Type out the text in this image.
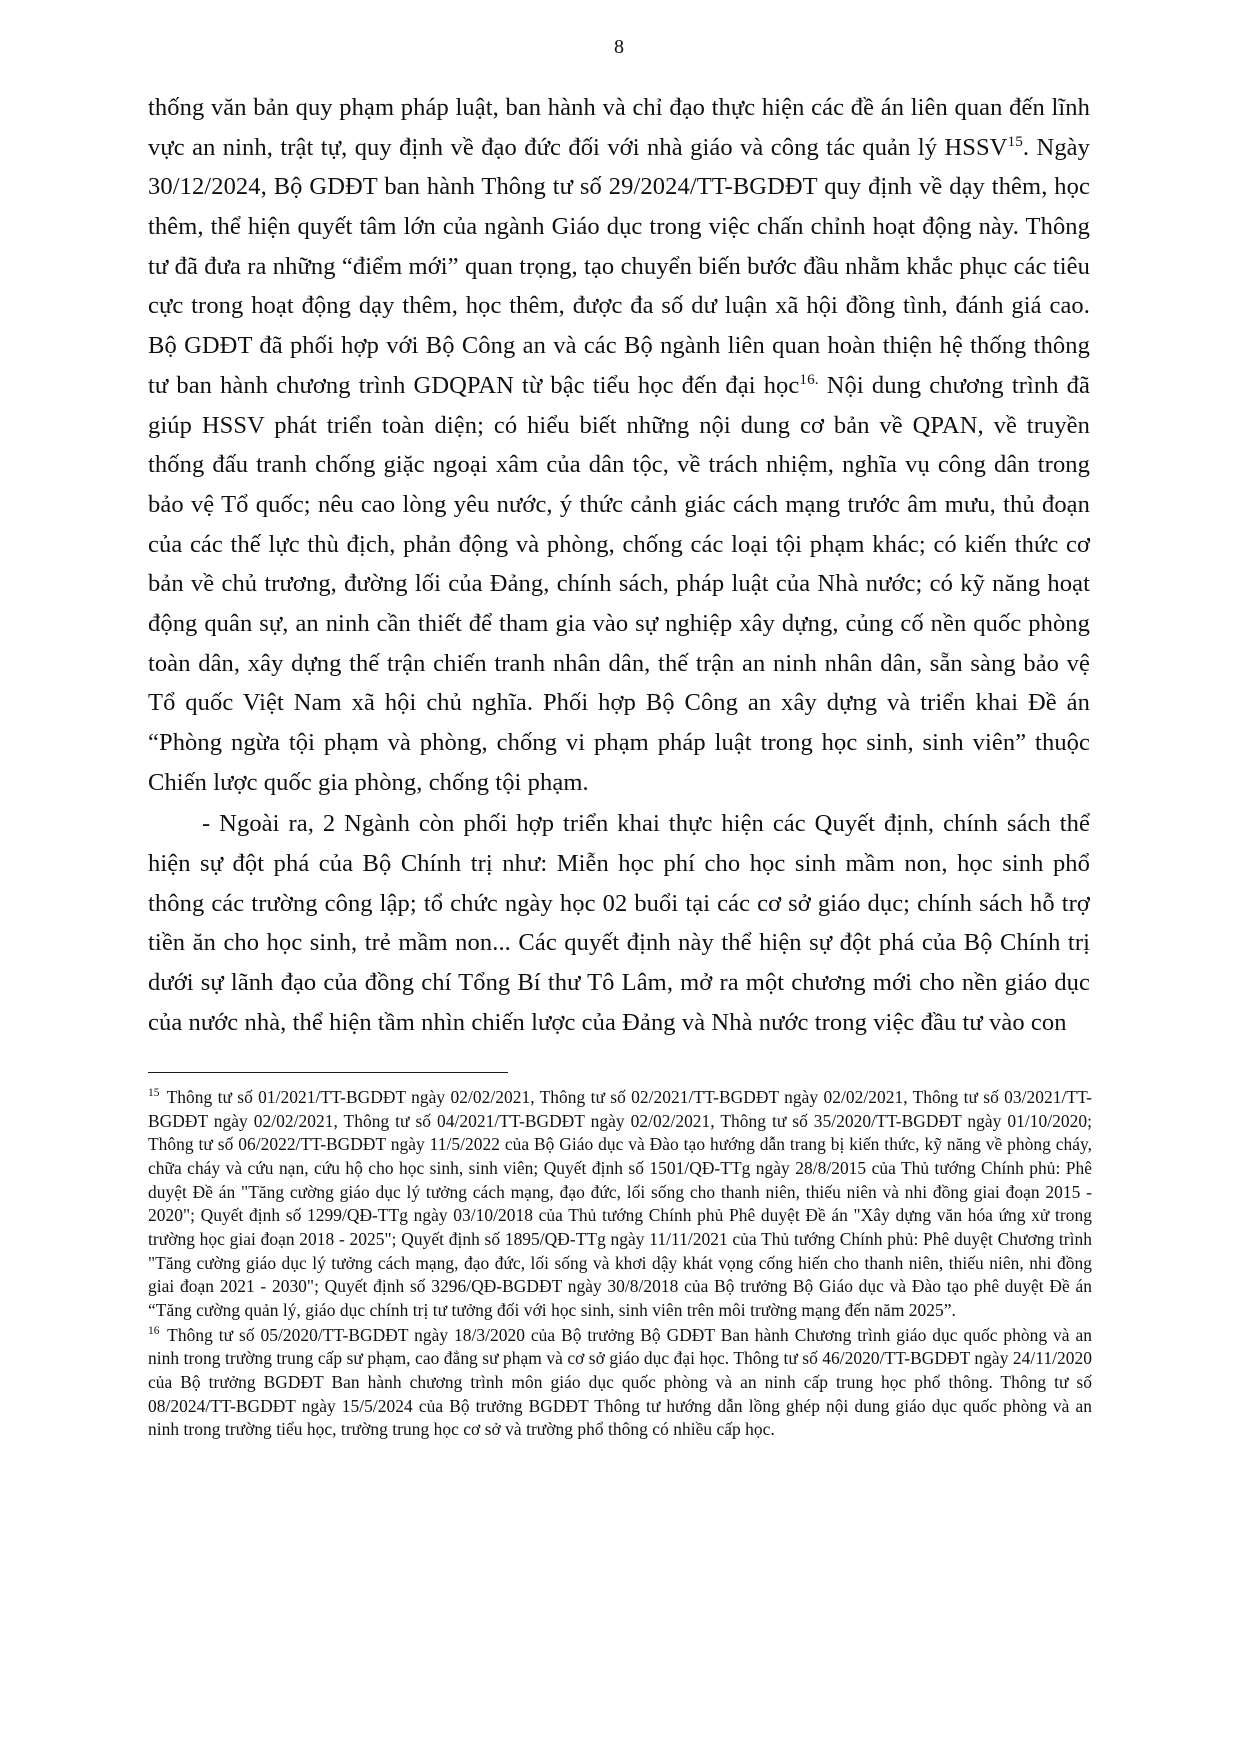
8

thống văn bản quy phạm pháp luật, ban hành và chỉ đạo thực hiện các đề án liên quan đến lĩnh vực an ninh, trật tự, quy định về đạo đức đối với nhà giáo và công tác quản lý HSSV$^{15}$. Ngày 30/12/2024, Bộ GDĐT ban hành Thông tư số 29/2024/TT-BGDĐT quy định về dạy thêm, học thêm, thể hiện quyết tâm lớn của ngành Giáo dục trong việc chấn chỉnh hoạt động này. Thông tư đã đưa ra những “điểm mới” quan trọng, tạo chuyển biến bước đầu nhằm khắc phục các tiêu cực trong hoạt động dạy thêm, học thêm, được đa số dư luận xã hội đồng tình, đánh giá cao. Bộ GDĐT đã phối hợp với Bộ Công an và các Bộ ngành liên quan hoàn thiện hệ thống thông tư ban hành chương trình GDQPAN từ bậc tiểu học đến đại học$^{16.}$ Nội dung chương trình đã giúp HSSV phát triển toàn diện; có hiểu biết những nội dung cơ bản về QPAN, về truyền thống đấu tranh chống giặc ngoại xâm của dân tộc, về trách nhiệm, nghĩa vụ công dân trong bảo vệ Tổ quốc; nêu cao lòng yêu nước, ý thức cảnh giác cách mạng trước âm mưu, thủ đoạn của các thế lực thù địch, phản động và phòng, chống các loại tội phạm khác; có kiến thức cơ bản về chủ trương, đường lối của Đảng, chính sách, pháp luật của Nhà nước; có kỹ năng hoạt động quân sự, an ninh cần thiết để tham gia vào sự nghiệp xây dựng, củng cố nền quốc phòng toàn dân, xây dựng thế trận chiến tranh nhân dân, thế trận an ninh nhân dân, sẵn sàng bảo vệ Tổ quốc Việt Nam xã hội chủ nghĩa. Phối hợp Bộ Công an xây dựng và triển khai Đề án “Phòng ngừa tội phạm và phòng, chống vi phạm pháp luật trong học sinh, sinh viên” thuộc Chiến lược quốc gia phòng, chống tội phạm.

- Ngoài ra, 2 Ngành còn phối hợp triển khai thực hiện các Quyết định, chính sách thể hiện sự đột phá của Bộ Chính trị như: Miễn học phí cho học sinh mầm non, học sinh phổ thông các trường công lập; tổ chức ngày học 02 buổi tại các cơ sở giáo dục; chính sách hỗ trợ tiền ăn cho học sinh, trẻ mầm non... Các quyết định này thể hiện sự đột phá của Bộ Chính trị dưới sự lãnh đạo của đồng chí Tổng Bí thư Tô Lâm, mở ra một chương mới cho nền giáo dục của nước nhà, thể hiện tầm nhìn chiến lược của Đảng và Nhà nước trong việc đầu tư vào con

$^{15}$ Thông tư số 01/2021/TT-BGDĐT ngày 02/02/2021, Thông tư số 02/2021/TT-BGDĐT ngày 02/02/2021, Thông tư số 03/2021/TT-BGDĐT ngày 02/02/2021, Thông tư số 04/2021/TT-BGDĐT ngày 02/02/2021, Thông tư số 35/2020/TT-BGDĐT ngày 01/10/2020; Thông tư số 06/2022/TT-BGDĐT ngày 11/5/2022 của Bộ Giáo dục và Đào tạo hướng dẫn trang bị kiến thức, kỹ năng về phòng cháy, chữa cháy và cứu nạn, cứu hộ cho học sinh, sinh viên; Quyết định số 1501/QĐ-TTg ngày 28/8/2015 của Thủ tướng Chính phủ: Phê duyệt Đề án "Tăng cường giáo dục lý tưởng cách mạng, đạo đức, lối sống cho thanh niên, thiếu niên và nhi đồng giai đoạn 2015 - 2020"; Quyết định số 1299/QĐ-TTg ngày 03/10/2018 của Thủ tướng Chính phủ Phê duyệt Đề án "Xây dựng văn hóa ứng xử trong trường học giai đoạn 2018 - 2025"; Quyết định số 1895/QĐ-TTg ngày 11/11/2021 của Thủ tướng Chính phủ: Phê duyệt Chương trình "Tăng cường giáo dục lý tưởng cách mạng, đạo đức, lối sống và khơi dậy khát vọng cống hiến cho thanh niên, thiếu niên, nhi đồng giai đoạn 2021 - 2030"; Quyết định số 3296/QĐ-BGDĐT ngày 30/8/2018 của Bộ trưởng Bộ Giáo dục và Đào tạo phê duyệt Đề án “Tăng cường quản lý, giáo dục chính trị tư tưởng đối với học sinh, sinh viên trên môi trường mạng đến năm 2025”.

$^{16}$ Thông tư số 05/2020/TT-BGDĐT ngày 18/3/2020 của Bộ trưởng Bộ GDĐT Ban hành Chương trình giáo dục quốc phòng và an ninh trong trường trung cấp sư phạm, cao đẳng sư phạm và cơ sở giáo dục đại học. Thông tư số 46/2020/TT-BGDĐT ngày 24/11/2020 của Bộ trưởng BGDĐT Ban hành chương trình môn giáo dục quốc phòng và an ninh cấp trung học phổ thông. Thông tư số 08/2024/TT-BGDĐT ngày 15/5/2024 của Bộ trưởng BGDĐT Thông tư hướng dẫn lồng ghép nội dung giáo dục quốc phòng và an ninh trong trường tiểu học, trường trung học cơ sở và trường phổ thông có nhiều cấp học.
